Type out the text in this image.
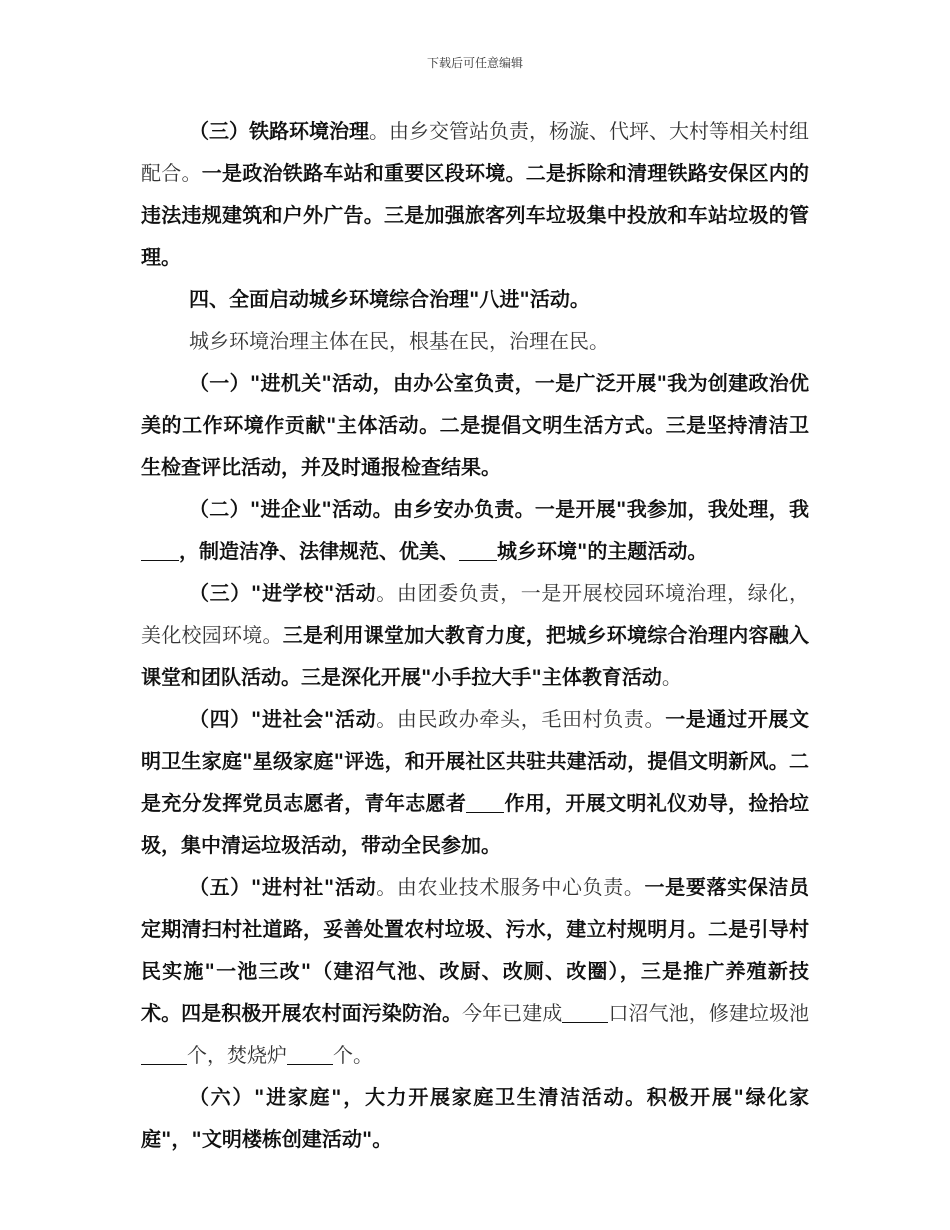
下载后可任意编辑

（三）铁路环境治理。由乡交管站负责，杨漩、代坪、大村等相关村组配合。一是政治铁路车站和重要区段环境。二是拆除和清理铁路安保区内的违法违规建筑和户外广告。三是加强旅客列车垃圾集中投放和车站垃圾的管理。

四、全面启动城乡环境综合治理"八进"活动。

城乡环境治理主体在民，根基在民，治理在民。

（一）"进机关"活动，由办公室负责，一是广泛开展"我为创建政治优美的工作环境作贡献"主体活动。二是提倡文明生活方式。三是坚持清洁卫生检查评比活动，并及时通报检查结果。

（二）"进企业"活动。由乡安办负责。一是开展"我参加，我处理，我，制造洁净、法律规范、优美、 城乡环境"的主题活动。

（三）"进学校"活动。由团委负责，一是开展校园环境治理，绿化，美化校园环境。三是利用课堂加大教育力度，把城乡环境综合治理内容融入课堂和团队活动。三是深化开展"小手拉大手"主体教育活动。

（四）"进社会"活动。由民政办牵头，毛田村负责。一是通过开展文明卫生家庭"星级家庭"评选，和开展社区共驻共建活动，提倡文明新风。二是充分发挥党员志愿者，青年志愿者 作用，开展文明礼仪劝导，捡拾垃圾，集中清运垃圾活动，带动全民参加。

（五）"进村社"活动。由农业技术服务中心负责。一是要落实保洁员定期清扫村社道路，妥善处置农村垃圾、污水，建立村规明月。二是引导村民实施"一池三改"（建沼气池、改厨、改厕、改圈），三是推广养殖新技术。四是积极开展农村面污染防治。今年已建成 口沼气池，修建垃圾池个，焚烧炉 个。

（六）"进家庭"，大力开展家庭卫生清洁活动。积极开展"绿化家庭"，"文明楼栋创建活动"。
